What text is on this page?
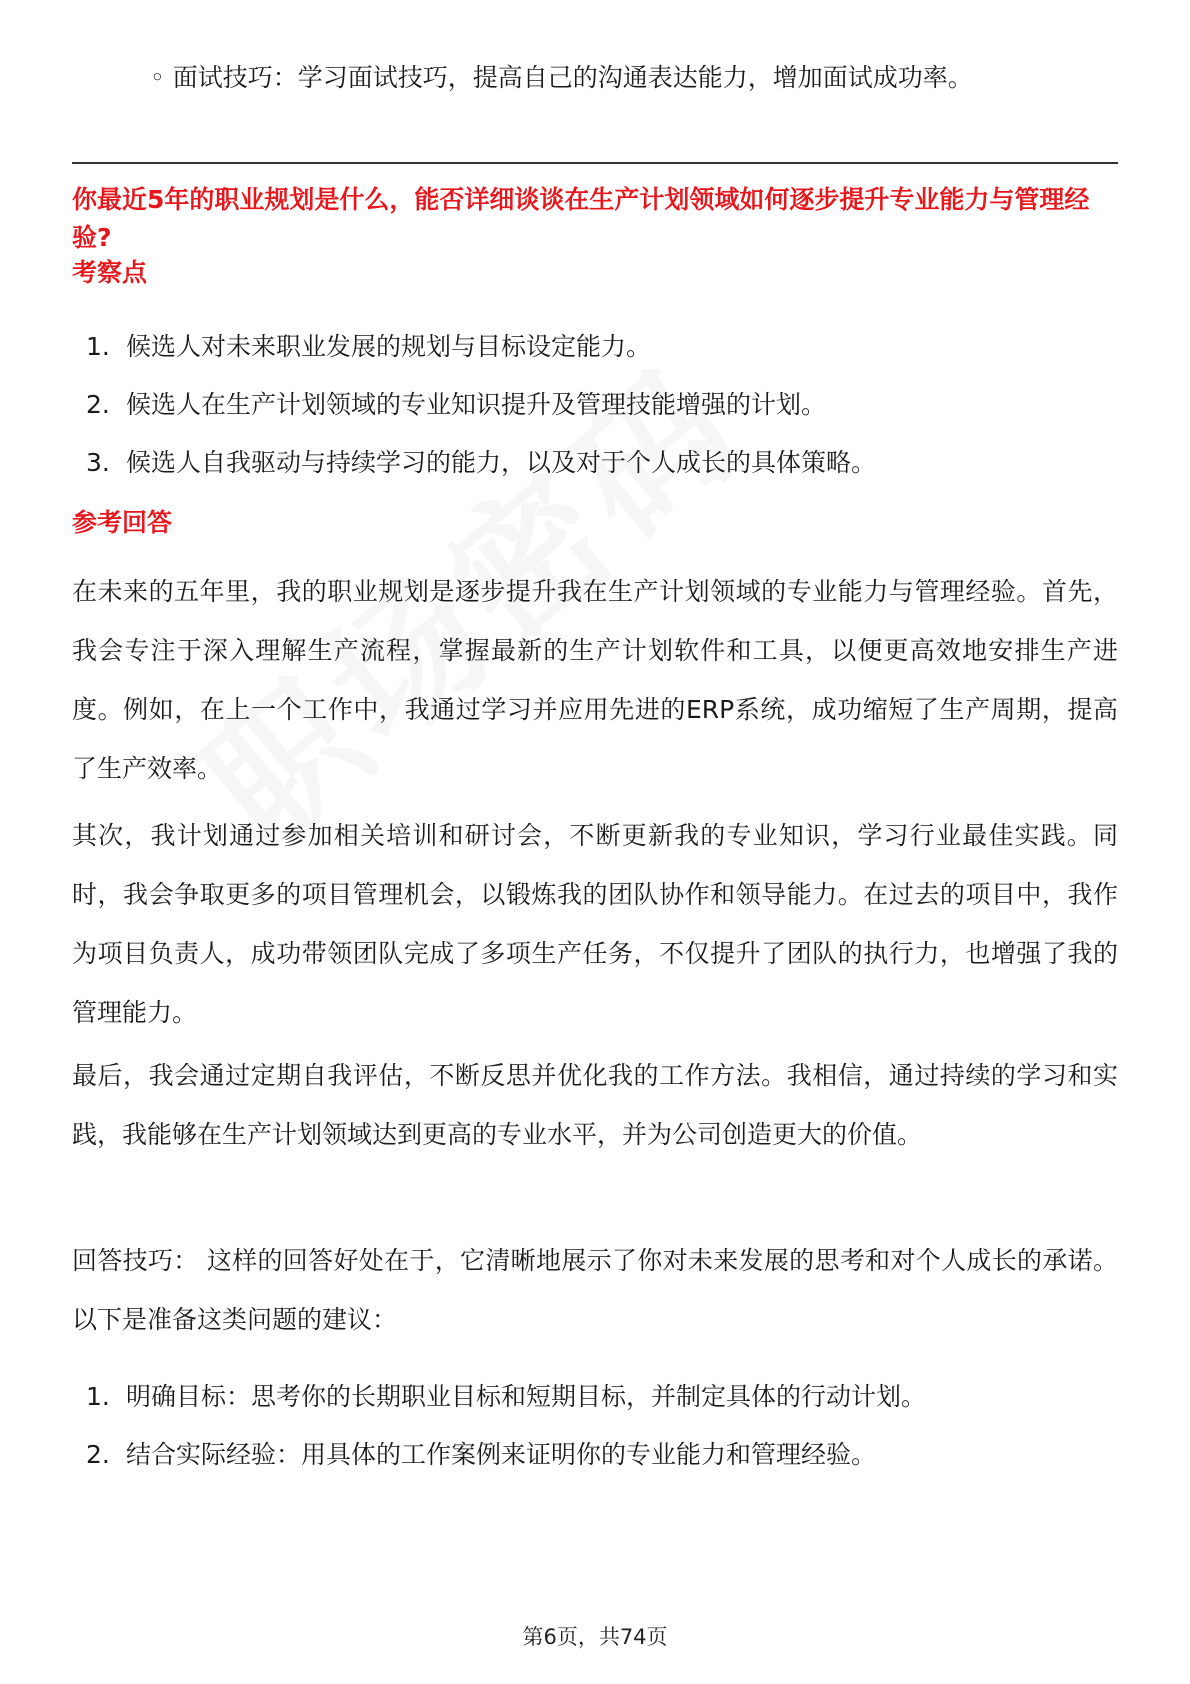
◦ 面试技巧：学习面试技巧，提高自己的沟通表达能力，增加面试成功率。
你最近5年的职业规划是什么，能否详细谈谈在生产计划领域如何逐步提升专业能力与管理经验?
考察点
1. 候选人对未来职业发展的规划与目标设定能力。
2. 候选人在生产计划领域的专业知识提升及管理技能增强的计划。
3. 候选人自我驱动与持续学习的能力，以及对于个人成长的具体策略。
参考回答

在未来的五年里，我的职业规划是逐步提升我在生产计划领域的专业能力与管理经验。首先，我会专注于深入理解生产流程，掌握最新的生产计划软件和工具，以便更高效地安排生产进度。例如，在上一个工作中，我通过学习并应用先进的ERP系统，成功缩短了生产周期，提高了生产效率。

其次，我计划通过参加相关培训和研讨会，不断更新我的专业知识，学习行业最佳实践。同时，我会争取更多的项目管理机会，以锻炼我的团队协作和领导能力。在过去的项目中，我作为项目负责人，成功带领团队完成了多项生产任务，不仅提升了团队的执行力，也增强了我的管理能力。

最后，我会通过定期自我评估，不断反思并优化我的工作方法。我相信，通过持续的学习和实践，我能够在生产计划领域达到更高的专业水平，并为公司创造更大的价值。

回答技巧： 这样的回答好处在于，它清晰地展示了你对未来发展的思考和对个人成长的承诺。以下是准备这类问题的建议：

1. 明确目标：思考你的长期职业目标和短期目标，并制定具体的行动计划。
2. 结合实际经验：用具体的工作案例来证明你的专业能力和管理经验。
第6页，共74页
